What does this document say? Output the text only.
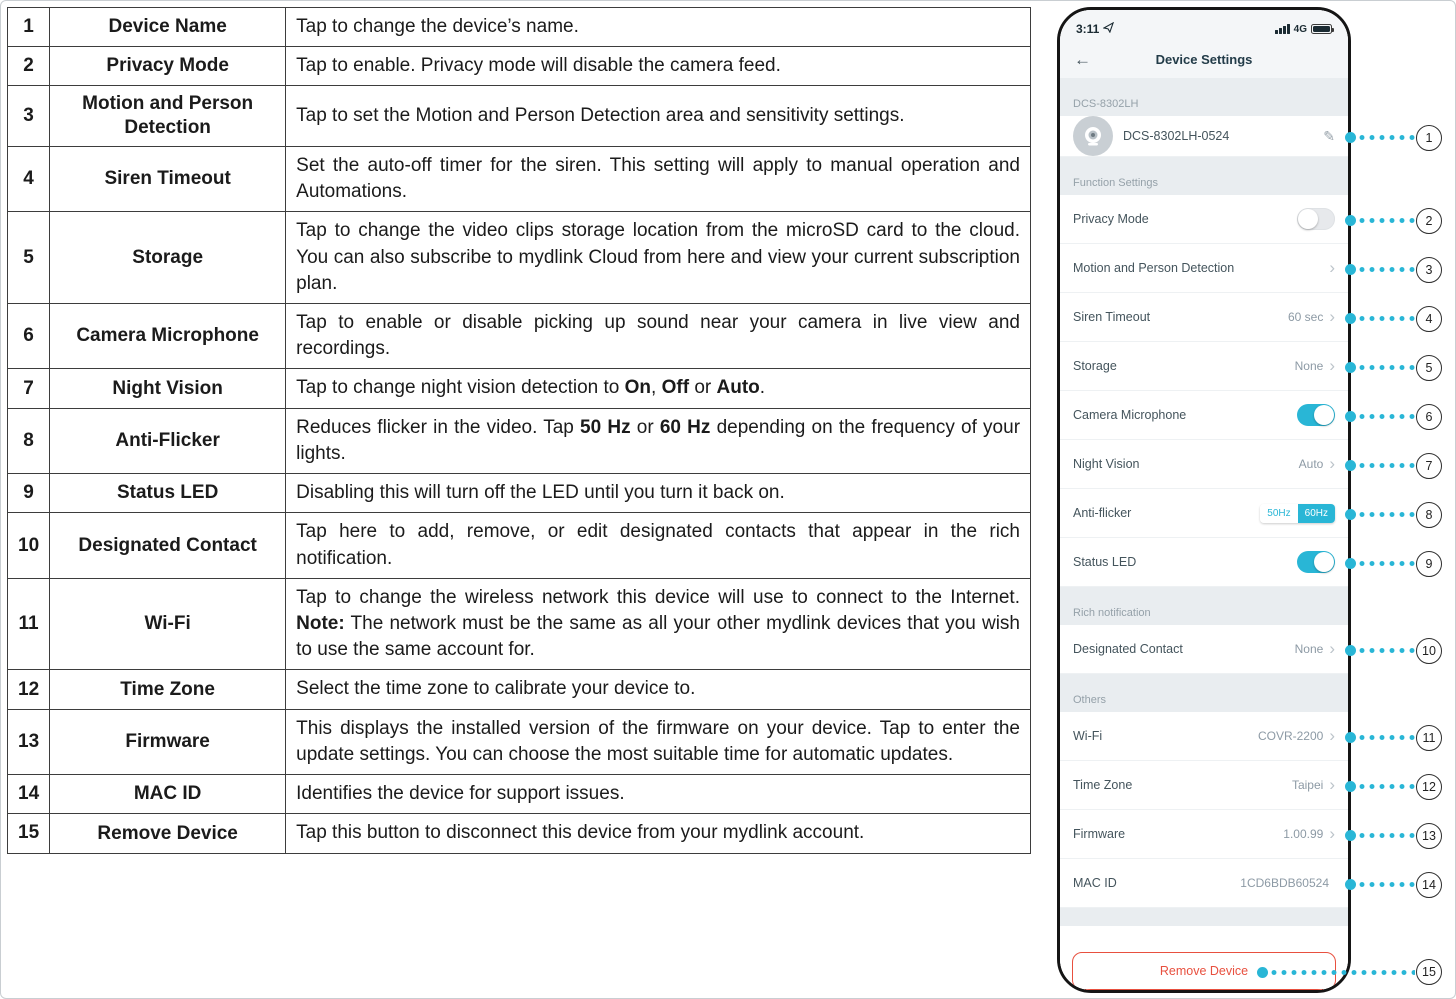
1	Device Name	Tap to change the device’s name.
2	Privacy Mode	Tap to enable. Privacy mode will disable the camera feed.
3	Motion and Person Detection	Tap to set the Motion and Person Detection area and sensitivity settings.
4	Siren Timeout	Set the auto-off timer for the siren. This setting will apply to manual operation and Automations.
5	Storage	Tap to change the video clips storage location from the microSD card to the cloud. You can also subscribe to mydlink Cloud from here and view your current subscription plan.
6	Camera Microphone	Tap to enable or disable picking up sound near your camera in live view and recordings.
7	Night Vision	Tap to change night vision detection to On, Off or Auto.
8	Anti-Flicker	Reduces flicker in the video. Tap 50 Hz or 60 Hz depending on the frequency of your lights.
9	Status LED	Disabling this will turn off the LED until you turn it back on.
10	Designated Contact	Tap here to add, remove, or edit designated contacts that appear in the rich notification.
11	Wi-Fi	Tap to change the wireless network this device will use to connect to the Internet. Note: The network must be the same as all your other mydlink devices that you wish to use the same account for.
12	Time Zone	Select the time zone to calibrate your device to.
13	Firmware	This displays the installed version of the firmware on your device. Tap to enter the update settings. You can choose the most suitable time for automatic updates.
14	MAC ID	Identifies the device for support issues.
15	Remove Device	Tap this button to disconnect this device from your mydlink account.
3:11	4G
←	Device Settings
DCS-8302LH
DCS-8302LH-0524	✎
Function Settings
Privacy Mode
Motion and Person Detection	›
Siren Timeout	60 sec ›
Storage	None ›
Camera Microphone
Night Vision	Auto ›
Anti-flicker	50Hz	60Hz
Status LED
Rich notification
Designated Contact	None ›
Others
Wi-Fi	COVR-2200 ›
Time Zone	Taipei ›
Firmware	1.00.99 ›
MAC ID	1CD6BDB60524
Remove Device
1
2
3
4
5
6
7
8
9
10
11
12
13
14
15
